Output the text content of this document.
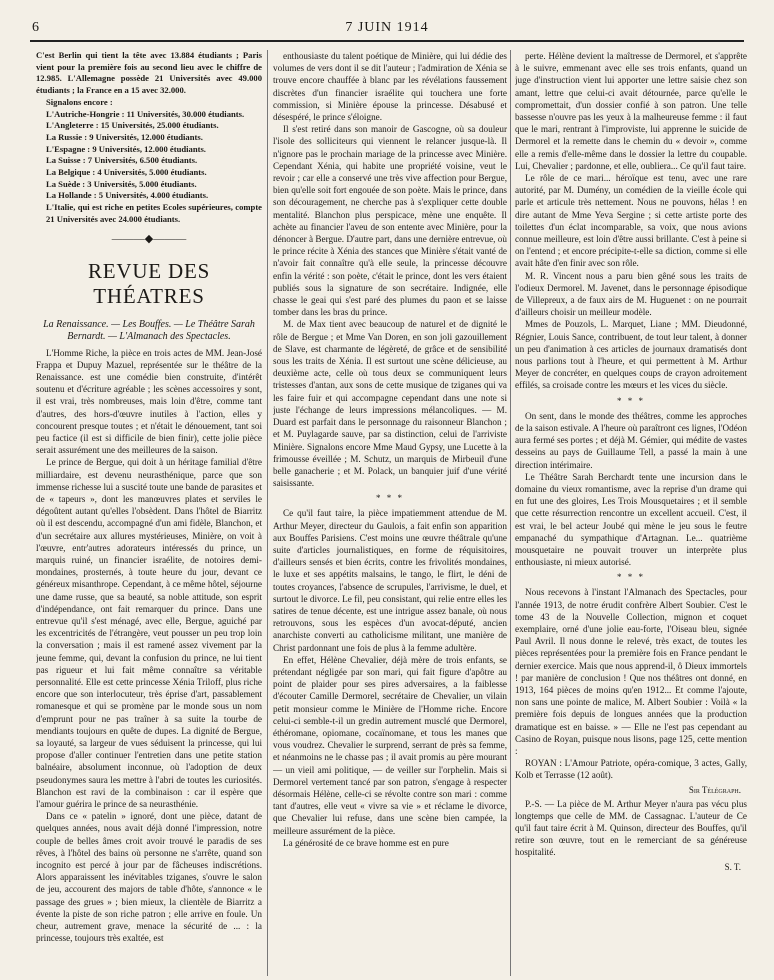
6	7 JUIN 1914
C'est Berlin qui tient la tête avec 13.884 étudiants ; Paris vient pour la première fois au second lieu avec le chiffre de 12.985. L'Allemagne possède 21 Universités avec 49.000 étudiants ; la France en a 15 avec 32.000.
Signalons encore :
L'Autriche-Hongrie : 11 Universités, 30.000 étudiants.
L'Angleterre : 15 Universités, 25.000 étudiants.
La Russie : 9 Universités, 12.000 étudiants.
L'Espagne : 9 Universités, 12.000 étudiants.
La Suisse : 7 Universités, 6.500 étudiants.
La Belgique : 4 Universités, 5.000 étudiants.
La Suède : 3 Universités, 5.000 étudiants.
La Hollande : 5 Universités, 4.000 étudiants.
L'Italie, qui est riche en petites Ecoles supérieures, compte 21 Universités avec 24.000 étudiants.
———◆———
REVUE DES THÉATRES
La Renaissance. — Les Bouffes. — Le Théâtre Sarah Bernardt. — L'Almanach des Spectacles.

L'Homme Riche, la pièce en trois actes de MM. Jean-José Frappa et Dupuy Mazuel, représentée sur le théâtre de la Renaissance. est une comédie bien construite, d'intérêt soutenu et d'écriture agréable ; les scènes accessoires y sont, il est vrai, très nombreuses, mais loin d'être, comme tant d'autres, des hors-d'œuvre inutiles à l'action, elles y concourent presque toutes ; et n'était le dénouement, tant soi peu factice (il est si difficile de bien finir), cette jolie pièce serait assurément une des meilleures de la saison.

Le prince de Bergue, qui doit à un héritage familial d'être milliardaire, est devenu neurasthénique, parce que son immense richesse lui a suscité toute une bande de parasites et de « tapeurs », dont les manœuvres plates et serviles le dégoûtent autant qu'elles l'obsèdent. Dans l'hôtel de Biarritz où il est descendu, accompagné d'un ami fidèle, Blanchon, et d'un secrétaire aux allures mystérieuses, Minière, on voit à l'œuvre, entr'autres adorateurs intéressés du prince, un marquis ruiné, un financier israélite, de notoires demi-mondaines, prosternés, à toute heure du jour, devant ce généreux misanthrope. Cependant, à ce même hôtel, séjourne une dame russe, que sa beauté, sa noble attitude, son esprit d'indépendance, ont fait remarquer du prince. Dans une entrevue qu'il s'est ménagé, avec elle, Bergue, aguiché par les excentricités de l'étrangère, veut pousser un peu trop loin la conversation ; mais il est ramené assez vivement par la jeune femme, qui, devant la confusion du prince, ne lui tient pas rigueur et lui fait même connaître sa véritable personnalité. Elle est cette princesse Xénia Triloff, plus riche encore que son interlocuteur, très éprise d'art, passablement romanesque et qui se promène par le monde sous un nom d'emprunt pour ne pas traîner à sa suite la tourbe de mendiants toujours en quête de dupes. La dignité de Bergue, sa loyauté, sa largeur de vues séduisent la princesse, qui lui propose d'aller continuer l'entretien dans une petite station balnéaire, absolument inconnue, où l'adoption de deux pseudonymes saura les mettre à l'abri de toutes les curiosités. Blanchon est ravi de la combinaison : car il espère que l'amour guérira le prince de sa neurasthénie.

Dans ce « patelin » ignoré, dont une pièce, datant de quelques années, nous avait déjà donné l'impression, notre couple de belles âmes croit avoir trouvé le paradis de ses rêves, à l'hôtel des bains où personne ne s'arrête, quand son incognito est percé à jour par de fâcheuses indiscrétions. Alors apparaissent les inévitables tziganes, s'ouvre le salon de jeu, accourent des majors de table d'hôte, s'annonce « le passage des grues » ; bien mieux, la clientèle de Biarritz a évente la piste de son riche patron ; elle arrive en foule. Un cheur, autrement grave, menace la sécurité de ... : la princesse, toujours très exaltée, est

enthousiaste du talent poétique de Minière, qui lui dédie des volumes de vers dont il se dit l'auteur ; l'admiration de Xénia se trouve encore chauffée à blanc par les révélations faussement discrètes d'un financier israélite qui touchera une forte commission, si Minière épouse la princesse. Désabusé et désespéré, le prince s'éloigne.

Il s'est retiré dans son manoir de Gascogne, où sa douleur l'isole des solliciteurs qui viennent le relancer jusque-là. Il n'ignore pas le prochain mariage de la princesse avec Minière. Cependant Xénia, qui habite une propriété voisine, veut le revoir ; car elle a conservé une très vive affection pour Bergue, bien qu'elle soit fort engouée de son poète. Mais le prince, dans son découragement, ne cherche pas à s'expliquer cette double mentalité. Blanchon plus perspicace, mène une enquête. Il achète au financier l'aveu de son entente avec Minière, pour la dénoncer à Bergue. D'autre part, dans une dernière entrevue, où le prince récite à Xénia des stances que Minière s'était vanté de n'avoir fait connaître qu'à elle seule, la princesse découvre enfin la vérité : son poète, c'était le prince, dont les vers étaient publiés sous la signature de son secrétaire. Indignée, elle chasse le geai qui s'est paré des plumes du paon et se laisse tomber dans les bras du prince.

M. de Max tient avec beaucoup de naturel et de dignité le rôle de Bergue ; et Mme Van Doren, en son joli gazouillement de Slave, est charmante de légèreté, de grâce et de sensibilité sous les traits de Xénia. Il est surtout une scène délicieuse, au deuxième acte, celle où tous deux se communiquent leurs tristesses d'antan, aux sons de cette musique de tziganes qui va les faire fuir et qui accompagne cependant dans une note si juste l'échange de leurs impressions mélancoliques. — M. Duard est parfait dans le personnage du raisonneur Blanchon ; et M. Puylagarde sauve, par sa distinction, celui de l'arriviste Minière. Signalons encore Mme Maud Gypsy, une Lucette à la frimousse éveillée ; M. Schutz, un marquis de Mirbeuil d'une belle ganacherie ; et M. Polack, un banquier juif d'une vérité saisissante.

* * *

Ce qu'il faut taire, la pièce impatiemment attendue de M. Arthur Meyer, directeur du Gaulois, a fait enfin son apparition aux Bouffes Parisiens. C'est moins une œuvre théâtrale qu'une suite d'articles journalistiques, en forme de réquisitoires, d'ailleurs sensés et bien écrits, contre les frivolités mondaines, le luxe et ses appétits malsains, le tango, le flirt, le déni de toutes croyances, l'absence de scrupules, l'arrivisme, le duel, et surtout le divorce. Le fil, peu consistant, qui relie entre elles les satires de tenue décente, est une intrigue assez banale, où nous retrouvons, sous les espèces d'un avocat-député, ancien anarchiste converti au catholicisme militant, une manière de Christ pardonnant une fois de plus à la femme adultère.

En effet, Hélène Chevalier, déjà mère de trois enfants, se prétendant négligée par son mari, qui fait figure d'apôtre au point de plaider pour ses pires adversaires, a la faiblesse d'écouter Camille Dermorel, secrétaire de Chevalier, un vilain petit monsieur comme le Minière de l'Homme riche. Encore celui-ci semble-t-il un gredin autrement musclé que Dermorel, éthéromane, opiomane, cocaïnomane, et tous les manes que vous voudrez. Chevalier le surprend, serrant de près sa femme, et néanmoins ne le chasse pas ; il avait promis au père mourant — un vieil ami politique, — de veiller sur l'orphelin. Mais si Dermorel vertement tancé par son patron, s'engage à respecter désormais Hélène, celle-ci se révolte contre son mari : comme tant d'autres, elle veut « vivre sa vie » et réclame le divorce, que Chevalier lui refuse, dans une scène bien campée, la meilleure assurément de la pièce.

La générosité de ce brave homme est en pure

perte. Hélène devient la maîtresse de Dermorel, et s'apprête à le suivre, emmenant avec elle ses trois enfants, quand un juge d'instruction vient lui apporter une lettre saisie chez son amant, lettre que celui-ci avait détournée, parce qu'elle le compromettait, d'un dossier confié à son patron. Une telle bassesse n'ouvre pas les yeux à la malheureuse femme : il faut que le mari, rentrant à l'improviste, lui apprenne le suicide de Dermorel et la remette dans le chemin du « devoir », comme elle a remis d'elle-même dans le dossier la lettre du coupable. Lui, Chevalier ; pardonne, et elle, oubliera... Ce qu'il faut taire.

Le rôle de ce mari... héroïque est tenu, avec une rare autorité, par M. Dumény, un comédien de la vieille école qui parle et articule très nettement. Nous ne pouvons, hélas ! en dire autant de Mme Yeva Sergine ; si cette artiste porte des toilettes d'un éclat incomparable, sa voix, que nous avions connue meilleure, est loin d'être aussi brillante. C'est à peine si on l'entend ; et encore précipite-t-elle sa diction, comme si elle avait hâte d'en finir avec son rôle.

M. R. Vincent nous a paru bien gêné sous les traits de l'odieux Dermorel. M. Javenet, dans le personnage épisodique de Villepreux, a de faux airs de M. Huguenet : on ne pourrait d'ailleurs choisir un meilleur modèle.

Mmes de Pouzols, L. Marquet, Liane ; MM. Dieudonné, Régnier, Louis Sance, contribuent, de tout leur talent, à donner un peu d'animation à ces articles de journaux dramatisés dont nous parlions tout à l'heure, et qui permettent à M. Arthur Meyer de concréter, en quelques coups de crayon adroitement effilés, sa croisade contre les mœurs et les vices du siècle.

* * *

On sent, dans le monde des théâtres, comme les approches de la saison estivale. A l'heure où paraîtront ces lignes, l'Odéon aura fermé ses portes ; et déjà M. Gémier, qui médite de vastes desseins au pays de Guillaume Tell, a passé la main à une direction intérimaire.

Le Théâtre Sarah Berchardt tente une incursion dans le domaine du vieux romantisme, avec la reprise d'un drame qui en fut une des gloires, Les Trois Mousquetaires ; et il semble que cette résurrection rencontre un excellent accueil. C'est, il est vrai, le bel acteur Joubé qui mène le jeu sous le feutre empanaché du sympathique d'Artagnan. Le... quatrième mousquetaire ne pouvait trouver un interprète plus enthousiaste, ni mieux autorisé.

* * *

Nous recevons à l'instant l'Almanach des Spectacles, pour l'année 1913, de notre érudit confrère Albert Soubier. C'est le tome 43 de la Nouvelle Collection, mignon et coquet exemplaire, orné d'une jolie eau-forte, l'Oiseau bleu, signée Paul Avril. Il nous donne le relevé, très exact, de toutes les pièces représentées pour la première fois en France pendant le dernier exercice. Mais que nous apprend-il, ô Dieux immortels ! par manière de conclusion ! Que nos théâtres ont donné, en 1913, 164 pièces de moins qu'en 1912... Et comme l'ajoute, non sans une pointe de malice, M. Albert Soubier : Voilà « la première fois depuis de longues années que la production dramatique est en baisse. » — Elle ne l'est pas cependant au Casino de Royan, puisque nous lisons, page 125, cette mention :

ROYAN : L'Amour Patriote, opéra-comique, 3 actes, Gally, Kolb et Terrasse (12 août).

Sir Télégraph.

P.-S. — La pièce de M. Arthur Meyer n'aura pas vécu plus longtemps que celle de MM. de Cassagnac. L'auteur de Ce qu'il faut taire écrit à M. Quinson, directeur des Bouffes, qu'il retire son œuvre, tout en le remerciant de sa généreuse hospitalité.

S. T.
